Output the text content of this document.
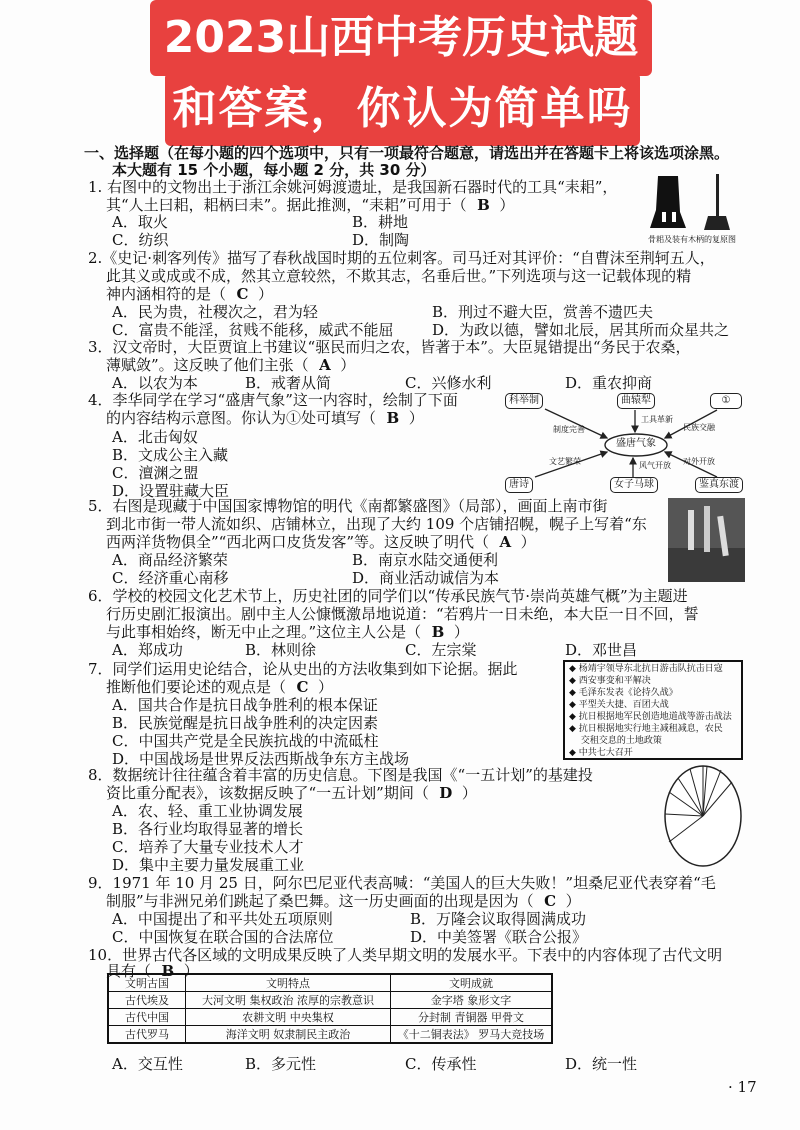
2023山西中考历史试题
和答案，你认为简单吗
一、选择题（在每小题的四个选项中，只有一项最符合题意，请选出并在答题卡上将该选项涂黑。
本大题有 15 个小题，每小题 2 分，共 30 分）
1. 右图中的文物出土于浙江余姚河姆渡遗址，是我国新石器时代的工具“耒耜”，
其“人土曰耜，耜柄曰耒”。据此推测，“耒耜”可用于（ B  ）
A．取火	B．耕地
C．纺织	D．制陶
2.《史记·刺客列传》描写了春秋战国时期的五位刺客。司马迁对其评价：“自曹沫至荆轲五人，
此其义或成或不成，然其立意较然，不欺其志，名垂后世。”下列选项与这一记载体现的精
神内涵相符的是（ C  ）
A．民为贵，社稷次之，君为轻	B．刑过不避大臣，赏善不遗匹夫
C．富贵不能淫，贫贱不能移，威武不能屈	D．为政以德，譬如北辰，居其所而众星共之
3．汉文帝时，大臣贾谊上书建议“驱民而归之农，皆著于本”。大臣晁错提出“务民于农桑，
薄赋敛”。这反映了他们主张（ A  ）
A．以农为本	B．戒奢从简	C．兴修水利	D．重农抑商
4．李华同学在学习“盛唐气象”这一内容时，绘制了下面
的内容结构示意图。你认为①处可填写（ B  ）
A．北击匈奴
B．文成公主入藏
C．澶渊之盟
D．设置驻藏大臣
5．右图是现藏于中国国家博物馆的明代《南都繁盛图》（局部），画面上南市街
到北市街一带人流如织、店铺林立，出现了大约 109 个店铺招幌，幌子上写着“东
西两洋货物俱全”“西北两口皮货发客”等。这反映了明代（ A  ）
A．商品经济繁荣	B．南京水陆交通便利
C．经济重心南移	D．商业活动诚信为本
6．学校的校园文化艺术节上，历史社团的同学们以“传承民族气节·崇尚英雄气概”为主题进
行历史剧汇报演出。剧中主人公慷慨激昂地说道：“若鸦片一日未绝，本大臣一日不回，誓
与此事相始终，断无中止之理。”这位主人公是（ B  ）
A．郑成功	B．林则徐	C．左宗棠	D．邓世昌
7．同学们运用史论结合，论从史出的方法收集到如下论据。据此
推断他们要论述的观点是（ C  ）
A．国共合作是抗日战争胜利的根本保证
B．民族觉醒是抗日战争胜利的决定因素
C．中国共产党是全民族抗战的中流砥柱
D．中国战场是世界反法西斯战争东方主战场
8．数据统计往往蕴含着丰富的历史信息。下图是我国《“一五计划”的基建投
资比重分配表》，该数据反映了“一五计划”期间（ D  ）
A．农、轻、重工业协调发展
B．各行业均取得显著的增长
C．培养了大量专业技术人才
D．集中主要力量发展重工业
9．1971 年 10 月 25 日，阿尔巴尼亚代表高喊：“美国人的巨大失败！”坦桑尼亚代表穿着“毛
制服”与非洲兄弟们跳起了桑巴舞。这一历史画面的出现是因为（ C  ）
A．中国提出了和平共处五项原则	B．万隆会议取得圆满成功
C．中国恢复在联合国的合法席位	D．中美签署《联合公报》
10．世界古代各区域的文明成果反映了人类早期文明的发展水平。下表中的内容体现了古代文明
具有（ B  ）
A．交互性	B．多元性	C．传承性	D．统一性
骨耜及装有木柄的复原图
盛唐气象
科举制	曲辕犁	①
唐诗	女子马球	鉴真东渡
制度完善
工具革新
民族交融
文艺繁荣	风气开放 对外开放
◆ 杨靖宇领导东北抗日游击队抗击日寇
◆ 西安事变和平解决
◆ 毛泽东发表《论持久战》
◆ 平型关大捷、百团大战
◆ 抗日根据地军民创造地道战等游击战法
◆ 抗日根据地实行地主减租减息，农民
　 交租交息的土地政策
◆ 中共七大召开
文明古国	文明特点	文明成就
古代埃及	大河文明 集权政治 浓厚的宗教意识	金字塔 象形文字
古代中国	农耕文明 中央集权	分封制 青铜器 甲骨文
古代罗马	海洋文明 奴隶制民主政治	《十二铜表法》 罗马大竞技场
· 17
